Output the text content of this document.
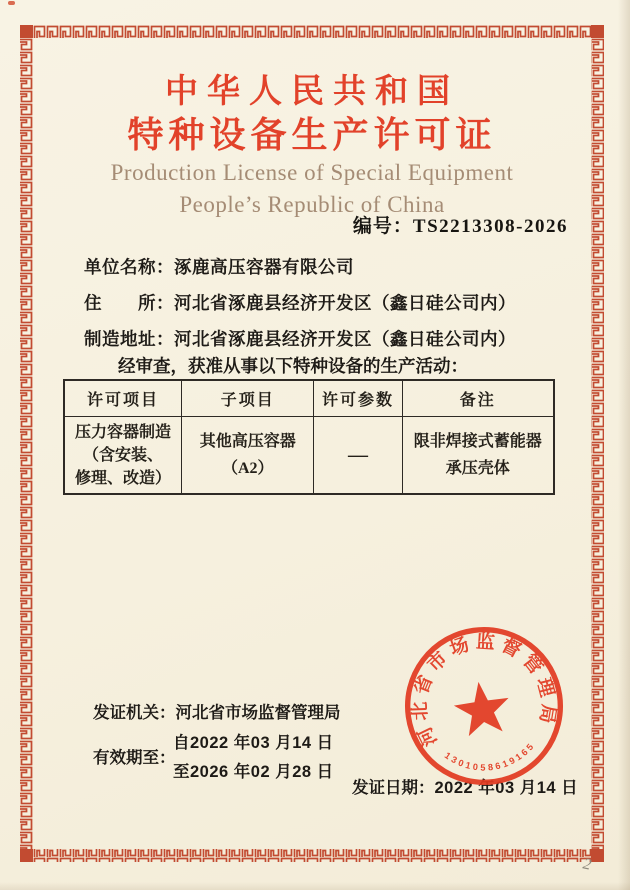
中华人民共和国

特种设备生产许可证

Production License of Special Equipment

People’s Republic of China

编号：TS2213308-2026
单位名称：涿鹿高压容器有限公司
住　　所：河北省涿鹿县经济开发区（鑫日硅公司内）
制造地址：河北省涿鹿县经济开发区（鑫日硅公司内）
经审查，获准从事以下特种设备的生产活动：
许可项目	子项目	许可参数	备注

压力容器制造
（含安装、
修理、改造）	其他高压容器
（A2）	—	限非焊接式蓄能器
承压壳体
发证机关：河北省市场监督管理局
有效期至：
自2022 年03 月14 日
至2026 年02 月28 日
发证日期：2022 年03 月14 日
河北省市场监督管理局
1301058619165
2
